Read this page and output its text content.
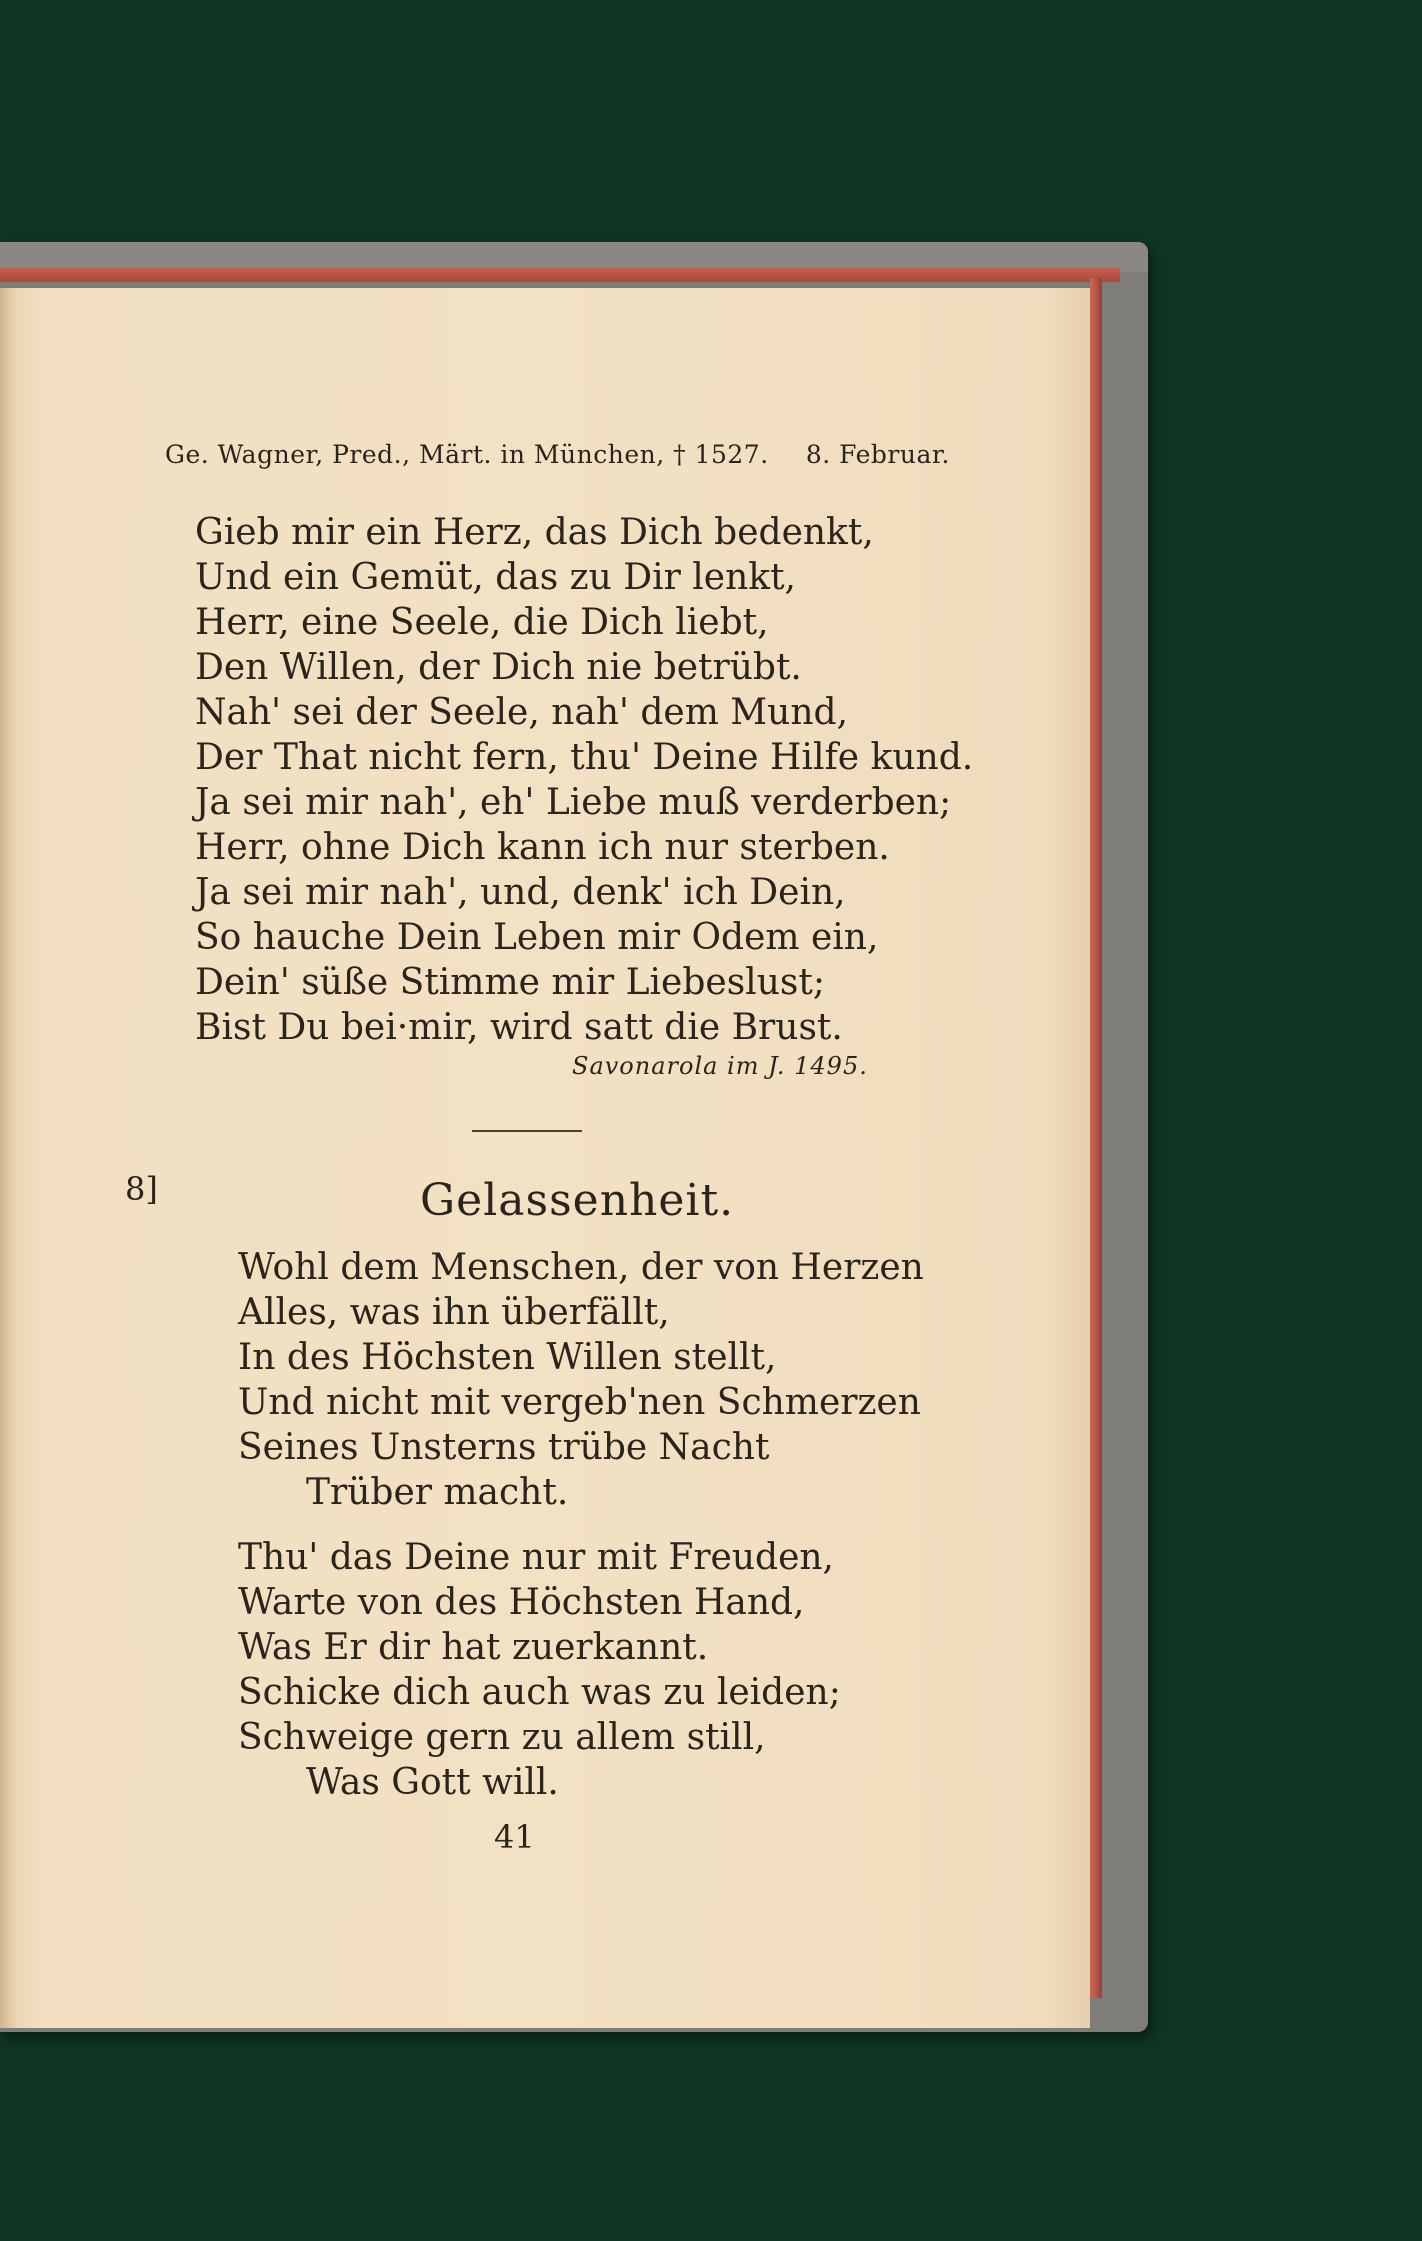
Ge. Wagner, Pred., Märt. in München, † 1527. 8. Februar.
Gieb mir ein Herz, das Dich bedenkt,
Und ein Gemüt, das zu Dir lenkt,
Herr, eine Seele, die Dich liebt,
Den Willen, der Dich nie betrübt.
Nah' sei der Seele, nah' dem Mund,
Der That nicht fern, thu' Deine Hilfe kund.
Ja sei mir nah', eh' Liebe muß verderben;
Herr, ohne Dich kann ich nur sterben.
Ja sei mir nah', und, denk' ich Dein,
So hauche Dein Leben mir Odem ein,
Dein' süße Stimme mir Liebeslust;
Bist Du bei·mir, wird satt die Brust.
Savonarola im J. 1495.
8]	Gelassenheit.
Wohl dem Menschen, der von Herzen
Alles, was ihn überfällt,
In des Höchsten Willen stellt,
Und nicht mit vergeb'nen Schmerzen
Seines Unsterns trübe Nacht
Trüber macht.
Thu' das Deine nur mit Freuden,
Warte von des Höchsten Hand,
Was Er dir hat zuerkannt.
Schicke dich auch was zu leiden;
Schweige gern zu allem still,
Was Gott will.
41
